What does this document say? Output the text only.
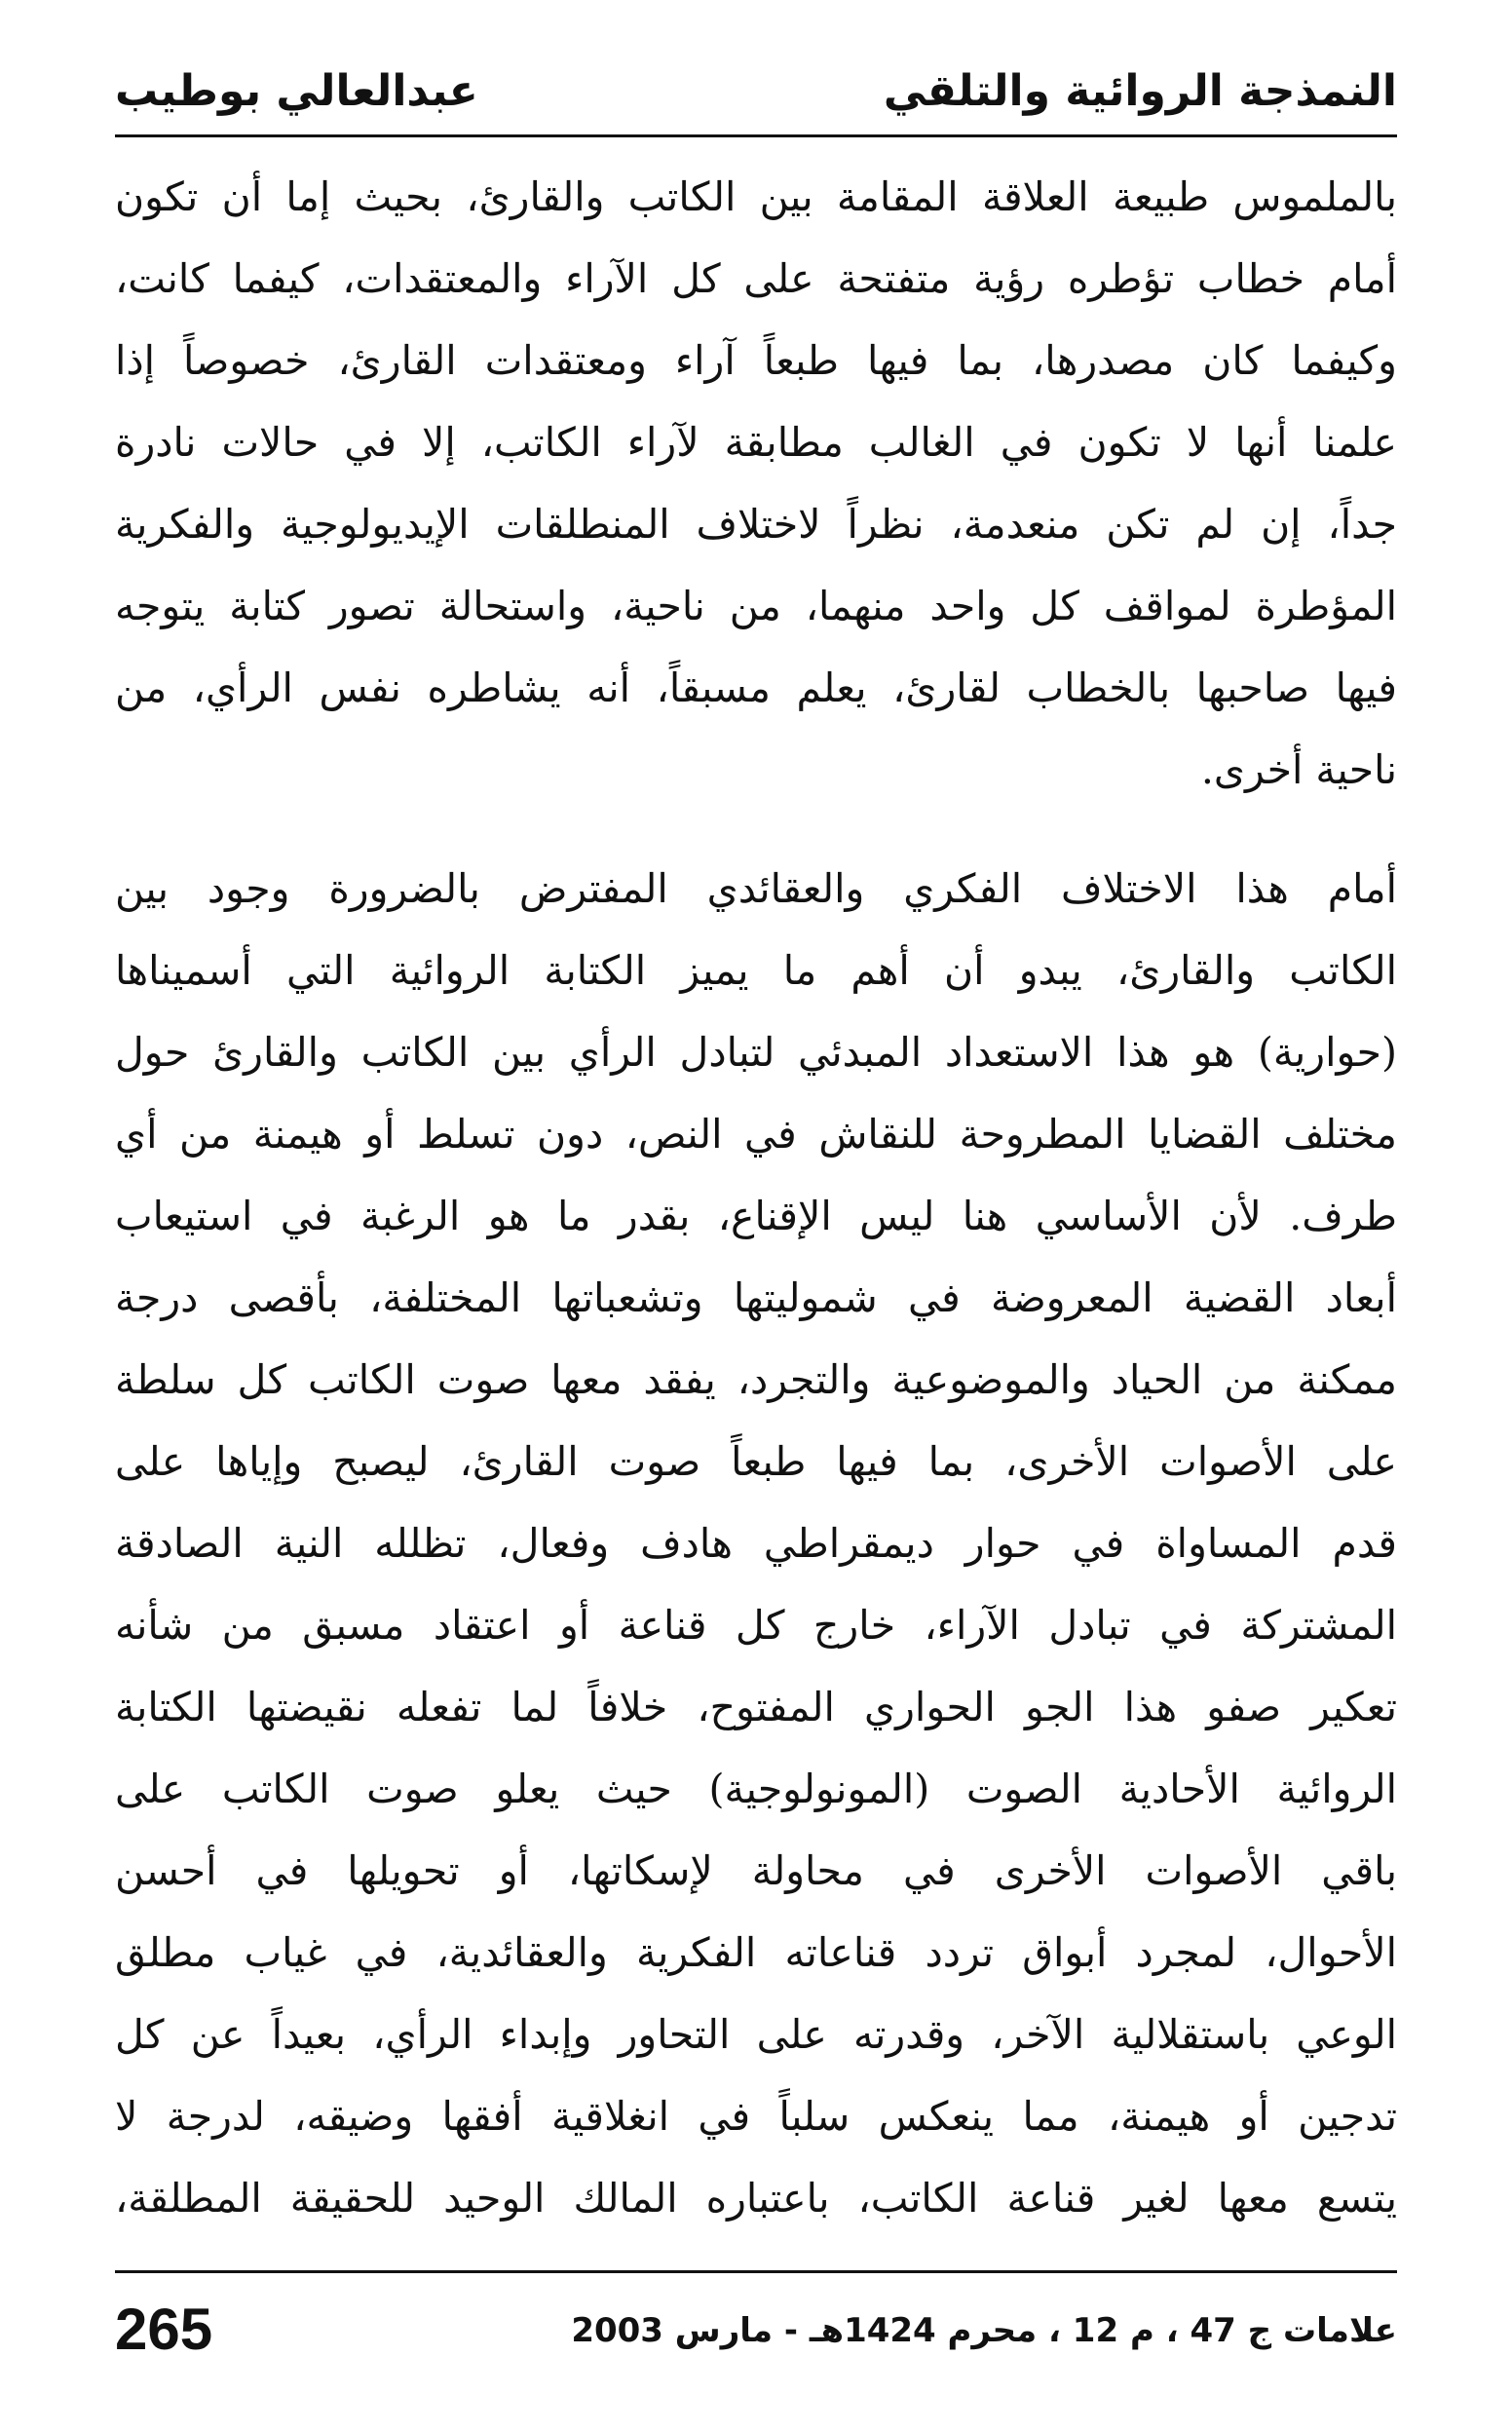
النمذجة الروائية والتلقي
عبدالعالي بوطيب
بالملموس طبيعة العلاقة المقامة بين الكاتب والقارئ، بحيث إما أن تكون
أمام خطاب تؤطره رؤية متفتحة على كل الآراء والمعتقدات، كيفما كانت،
وكيفما كان مصدرها، بما فيها طبعاً آراء ومعتقدات القارئ، خصوصاً إذا
علمنا أنها لا تكون في الغالب مطابقة لآراء الكاتب، إلا في حالات نادرة
جداً، إن لم تكن منعدمة، نظراً لاختلاف المنطلقات الإيديولوجية والفكرية
المؤطرة لمواقف كل واحد منهما، من ناحية، واستحالة تصور كتابة يتوجه
فيها صاحبها بالخطاب لقارئ، يعلم مسبقاً، أنه يشاطره نفس الرأي، من
ناحية أخرى.
أمام هذا الاختلاف الفكري والعقائدي المفترض بالضرورة وجود بين
الكاتب والقارئ، يبدو أن أهم ما يميز الكتابة الروائية التي أسميناها
(حوارية) هو هذا الاستعداد المبدئي لتبادل الرأي بين الكاتب والقارئ حول
مختلف القضايا المطروحة للنقاش في النص، دون تسلط أو هيمنة من أي
طرف. لأن الأساسي هنا ليس الإقناع، بقدر ما هو الرغبة في استيعاب
أبعاد القضية المعروضة في شموليتها وتشعباتها المختلفة، بأقصى درجة
ممكنة من الحياد والموضوعية والتجرد، يفقد معها صوت الكاتب كل سلطة
على الأصوات الأخرى، بما فيها طبعاً صوت القارئ، ليصبح وإياها على
قدم المساواة في حوار ديمقراطي هادف وفعال، تظلله النية الصادقة
المشتركة في تبادل الآراء، خارج كل قناعة أو اعتقاد مسبق من شأنه
تعكير صفو هذا الجو الحواري المفتوح، خلافاً لما تفعله نقيضتها الكتابة
الروائية الأحادية الصوت (المونولوجية) حيث يعلو صوت الكاتب على
باقي الأصوات الأخرى في محاولة لإسكاتها، أو تحويلها في أحسن
الأحوال، لمجرد أبواق تردد قناعاته الفكرية والعقائدية، في غياب مطلق
الوعي باستقلالية الآخر، وقدرته على التحاور وإبداء الرأي، بعيداً عن كل
تدجين أو هيمنة، مما ينعكس سلباً في انغلاقية أفقها وضيقه، لدرجة لا
يتسع معها لغير قناعة الكاتب، باعتباره المالك الوحيد للحقيقة المطلقة،
265	علامات ج 47 ، م 12 ، محرم 1424هـ - مارس 2003
